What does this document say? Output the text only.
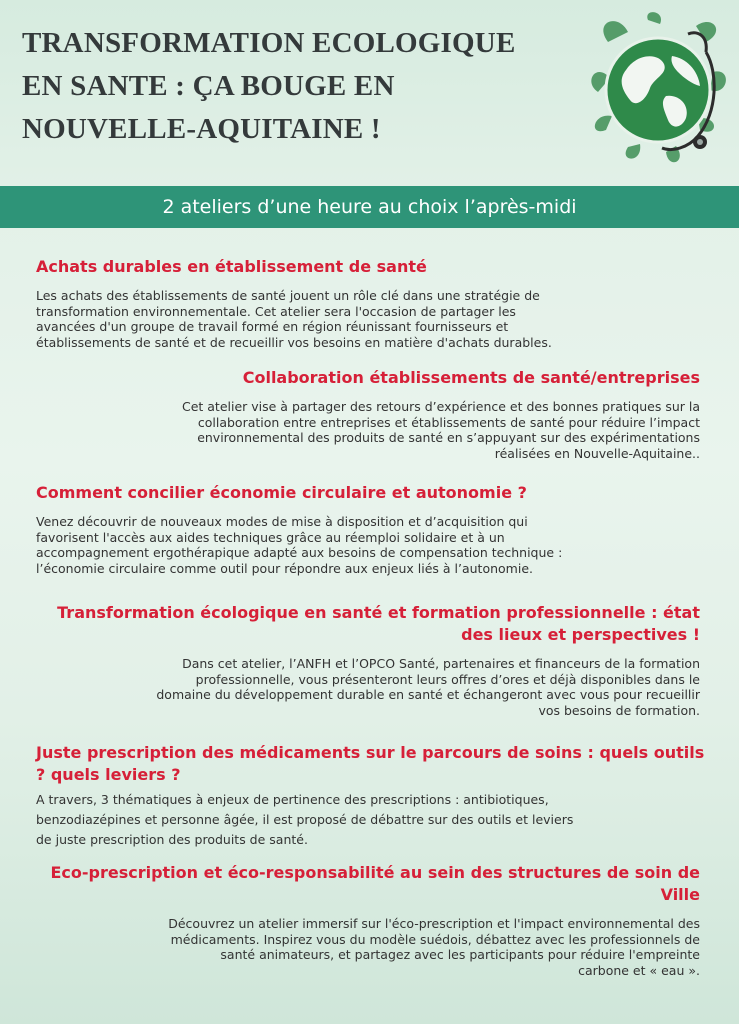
TRANSFORMATION ECOLOGIQUE
EN SANTE : ÇA BOUGE EN
NOUVELLE-AQUITAINE !
2 ateliers d’une heure au choix l’après-midi
Achats durables en établissement de santé
Les achats des établissements de santé jouent un rôle clé dans une stratégie de
transformation environnementale. Cet atelier sera l'occasion de partager les
avancées d'un groupe de travail formé en région réunissant fournisseurs et
établissements de santé et de recueillir vos besoins en matière d'achats durables.
Collaboration établissements de santé/entreprises
Cet atelier vise à partager des retours d’expérience et des bonnes pratiques sur la
collaboration entre entreprises et établissements de santé pour réduire l’impact
environnemental des produits de santé en s’appuyant sur des expérimentations
réalisées en Nouvelle-Aquitaine..
Comment concilier économie circulaire et autonomie ?
Venez découvrir de nouveaux modes de mise à disposition et d’acquisition qui
favorisent l'accès aux aides techniques grâce au réemploi solidaire et à un
accompagnement ergothérapique adapté aux besoins de compensation technique :
l’économie circulaire comme outil pour répondre aux enjeux liés à l’autonomie.
Transformation écologique en santé et formation professionnelle : état des lieux et perspectives !
Dans cet atelier, l’ANFH et l’OPCO Santé, partenaires et financeurs de la formation
professionnelle, vous présenteront leurs offres d’ores et déjà disponibles dans le
domaine du développement durable en santé et échangeront avec vous pour recueillir
vos besoins de formation.
Juste prescription des médicaments sur le parcours de soins : quels outils ? quels leviers ?
A travers, 3 thématiques à enjeux de pertinence des prescriptions : antibiotiques,
benzodiazépines et personne âgée, il est proposé de débattre sur des outils et leviers
de juste prescription des produits de santé.
Eco-prescription et éco-responsabilité au sein des structures de soin de Ville
Découvrez un atelier immersif sur l'éco-prescription et l'impact environnemental des
médicaments. Inspirez vous du modèle suédois, débattez avec les professionnels de
santé animateurs, et partagez avec les participants pour réduire l'empreinte
carbone et « eau ».
